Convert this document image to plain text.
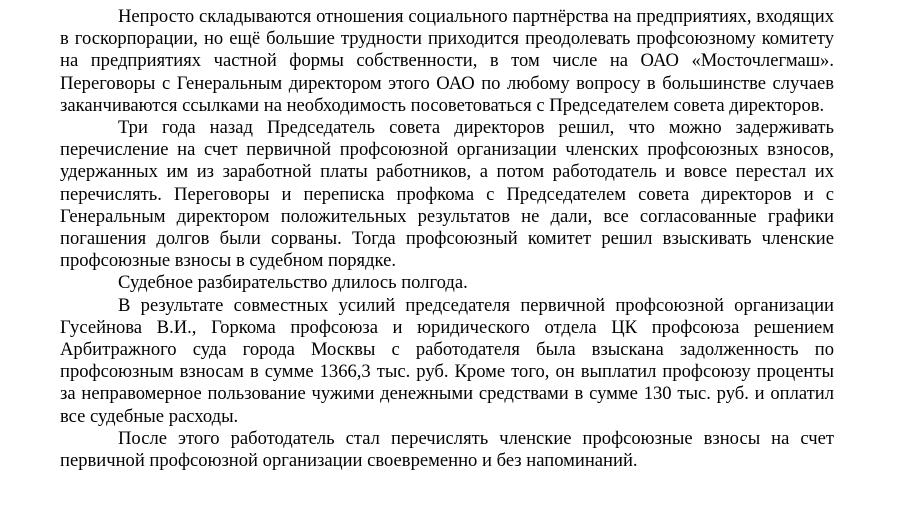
Непросто складываются отношения социального партнёрства на предприятиях, входящих в госкорпорации, но ещё большие трудности приходится преодолевать профсоюзному комитету на предприятиях частной формы собственности, в том числе на ОАО «Мосточлегмаш». Переговоры с Генеральным директором этого ОАО по любому вопросу в большинстве случаев заканчиваются ссылками на необходимость посоветоваться с Председателем совета директоров.

Три года назад Председатель совета директоров решил, что можно задерживать перечисление на счет первичной профсоюзной организации членских профсоюзных взносов, удержанных им из заработной платы работников, а потом работодатель и вовсе перестал их перечислять. Переговоры и переписка профкома с Председателем совета директоров и с Генеральным директором положительных результатов не дали, все согласованные графики погашения долгов были сорваны. Тогда профсоюзный комитет решил взыскивать членские профсоюзные взносы в судебном порядке.

Судебное разбирательство длилось полгода.

В результате совместных усилий председателя первичной профсоюзной организации Гусейнова В.И., Горкома профсоюза и юридического отдела ЦК профсоюза решением Арбитражного суда города Москвы с работодателя была взыскана задолженность по профсоюзным взносам в сумме 1366,3 тыс. руб. Кроме того, он выплатил профсоюзу проценты за неправомерное пользование чужими денежными средствами в сумме 130 тыс. руб. и оплатил все судебные расходы.

После этого работодатель стал перечислять членские профсоюзные взносы на счет первичной профсоюзной организации своевременно и без напоминаний.
